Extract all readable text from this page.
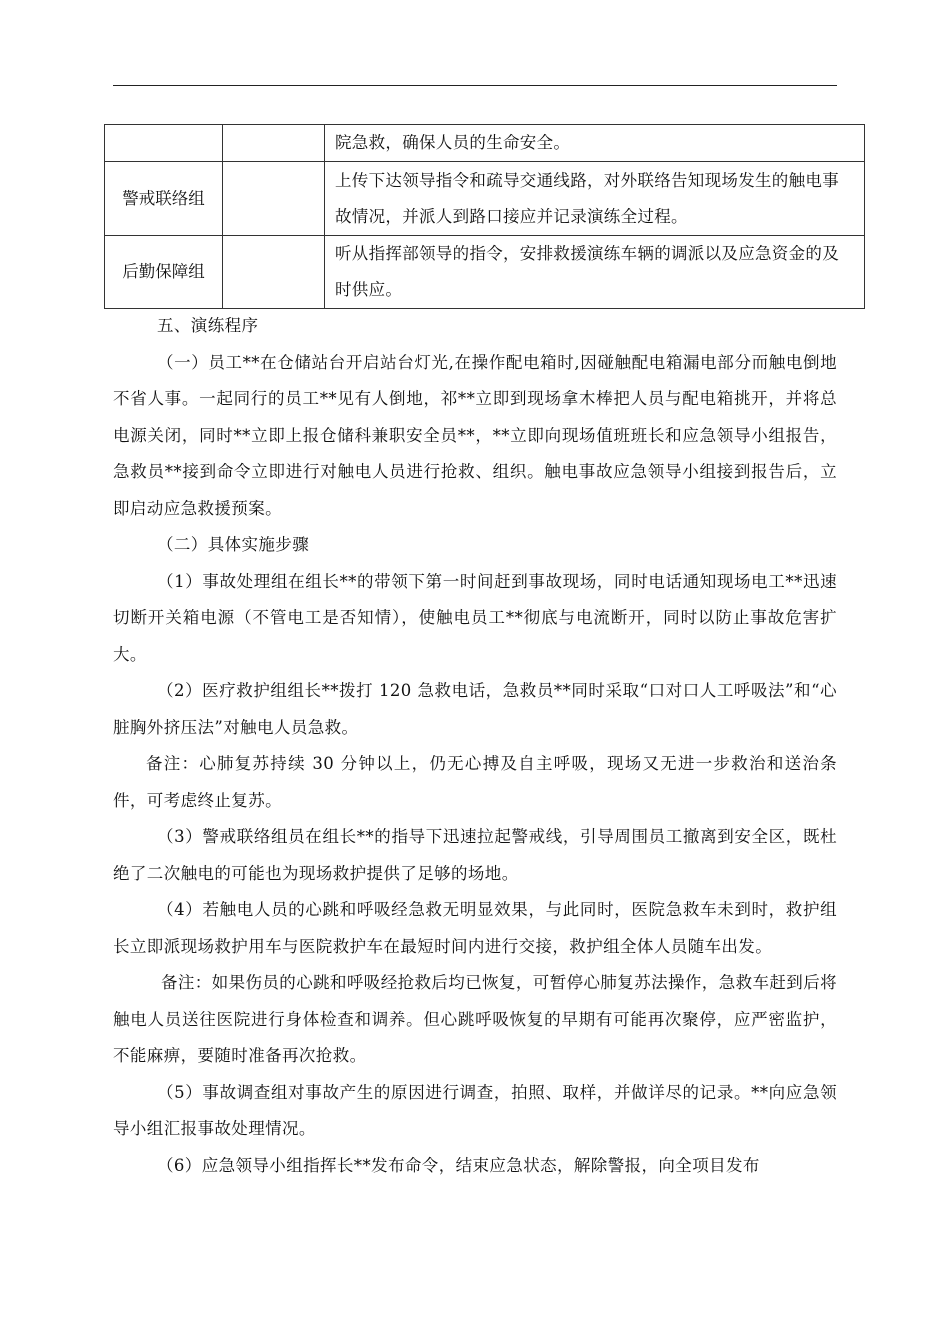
		院急救，确保人员的生命安全。
警戒联络组		上传下达领导指令和疏导交通线路，对外联络告知现场发生的触电事故情况，并派人到路口接应并记录演练全过程。
后勤保障组		听从指挥部领导的指令，安排救援演练车辆的调派以及应急资金的及时供应。

五、演练程序

（一）员工**在仓储站台开启站台灯光,在操作配电箱时,因碰触配电箱漏电部分而触电倒地不省人事。一起同行的员工**见有人倒地，祁**立即到现场拿木棒把人员与配电箱挑开，并将总电源关闭，同时**立即上报仓储科兼职安全员**，**立即向现场值班班长和应急领导小组报告，急救员**接到命令立即进行对触电人员进行抢救、组织。触电事故应急领导小组接到报告后，立即启动应急救援预案。

（二）具体实施步骤

（1）事故处理组在组长**的带领下第一时间赶到事故现场，同时电话通知现场电工**迅速切断开关箱电源（不管电工是否知情），使触电员工**彻底与电流断开，同时以防止事故危害扩大。

（2）医疗救护组组长**拨打 120 急救电话，急救员**同时采取“口对口人工呼吸法”和“心脏胸外挤压法”对触电人员急救。

备注：心肺复苏持续 30 分钟以上，仍无心搏及自主呼吸，现场又无进一步救治和送治条件，可考虑终止复苏。

（3）警戒联络组员在组长**的指导下迅速拉起警戒线，引导周围员工撤离到安全区，既杜绝了二次触电的可能也为现场救护提供了足够的场地。

（4）若触电人员的心跳和呼吸经急救无明显效果，与此同时，医院急救车未到时，救护组长立即派现场救护用车与医院救护车在最短时间内进行交接，救护组全体人员随车出发。

备注：如果伤员的心跳和呼吸经抢救后均已恢复，可暂停心肺复苏法操作，急救车赶到后将触电人员送往医院进行身体检查和调养。但心跳呼吸恢复的早期有可能再次聚停，应严密监护，不能麻痹，要随时准备再次抢救。

（5）事故调查组对事故产生的原因进行调查，拍照、取样，并做详尽的记录。**向应急领导小组汇报事故处理情况。

（6）应急领导小组指挥长**发布命令，结束应急状态，解除警报，向全项目发布
